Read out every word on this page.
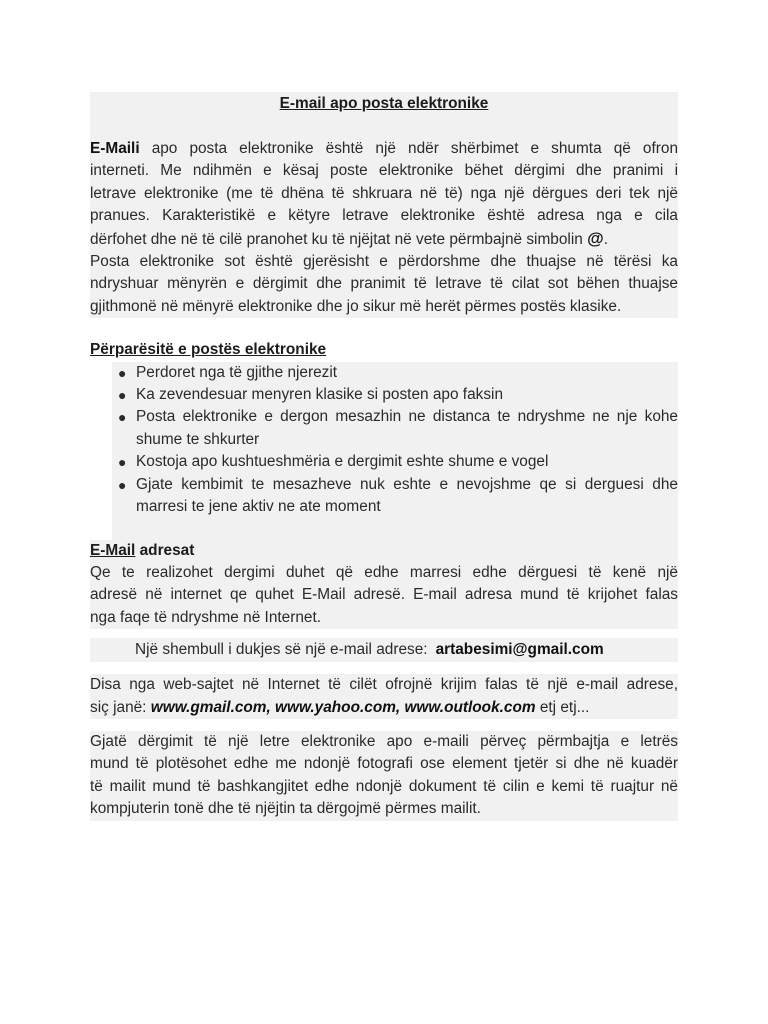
E-mail apo posta elektronike
E-Maili apo posta elektronike është një ndër shërbimet e shumta që ofron
interneti. Me ndihmën e kësaj poste elektronike bëhet dërgimi dhe pranimi i
letrave elektronike (me të dhëna të shkruara në të) nga një dërgues deri tek një
pranues. Karakteristikë e këtyre letrave elektronike është adresa nga e cila
dërfohet dhe në të cilë pranohet ku të njëjtat në vete përmbajnë simbolin @.
Posta elektronike sot është gjerësisht e përdorshme dhe thuajse në tërësi ka
ndryshuar mënyrën e dërgimit dhe pranimit të letrave të cilat sot bëhen thuajse
gjithmonë në mënyrë elektronike dhe jo sikur më herët përmes postës klasike.
Përparësitë e postës elektronike
● Perdoret nga të gjithe njerezit
● Ka zevendesuar menyren klasike si posten apo faksin
● Posta elektronike e dergon mesazhin ne distanca te ndryshme ne nje kohe
shume te shkurter
● Kostoja apo kushtueshmëria e dergimit eshte shume e vogel
● Gjate kembimit te mesazheve nuk eshte e nevojshme qe si derguesi dhe
marresi te jene aktiv ne ate moment
E-Mail adresat
Qe te realizohet dergimi duhet që edhe marresi edhe dërguesi të kenë një
adresë në internet qe quhet E-Mail adresë. E-mail adresa mund të krijohet falas
nga faqe të ndryshme në Internet.
Një shembull i dukjes së një e-mail adrese: artabesimi@gmail.com
Disa nga web-sajtet në Internet të cilët ofrojnë krijim falas të një e-mail adrese,
siç janë: www.gmail.com, www.yahoo.com, www.outlook.com etj etj...
Gjatë dërgimit të një letre elektronike apo e-maili përveç përmbajtja e letrës
mund të plotësohet edhe me ndonjë fotografi ose element tjetër si dhe në kuadër
të mailit mund të bashkangjitet edhe ndonjë dokument të cilin e kemi të ruajtur në
kompjuterin tonë dhe të njëjtin ta dërgojmë përmes mailit.
